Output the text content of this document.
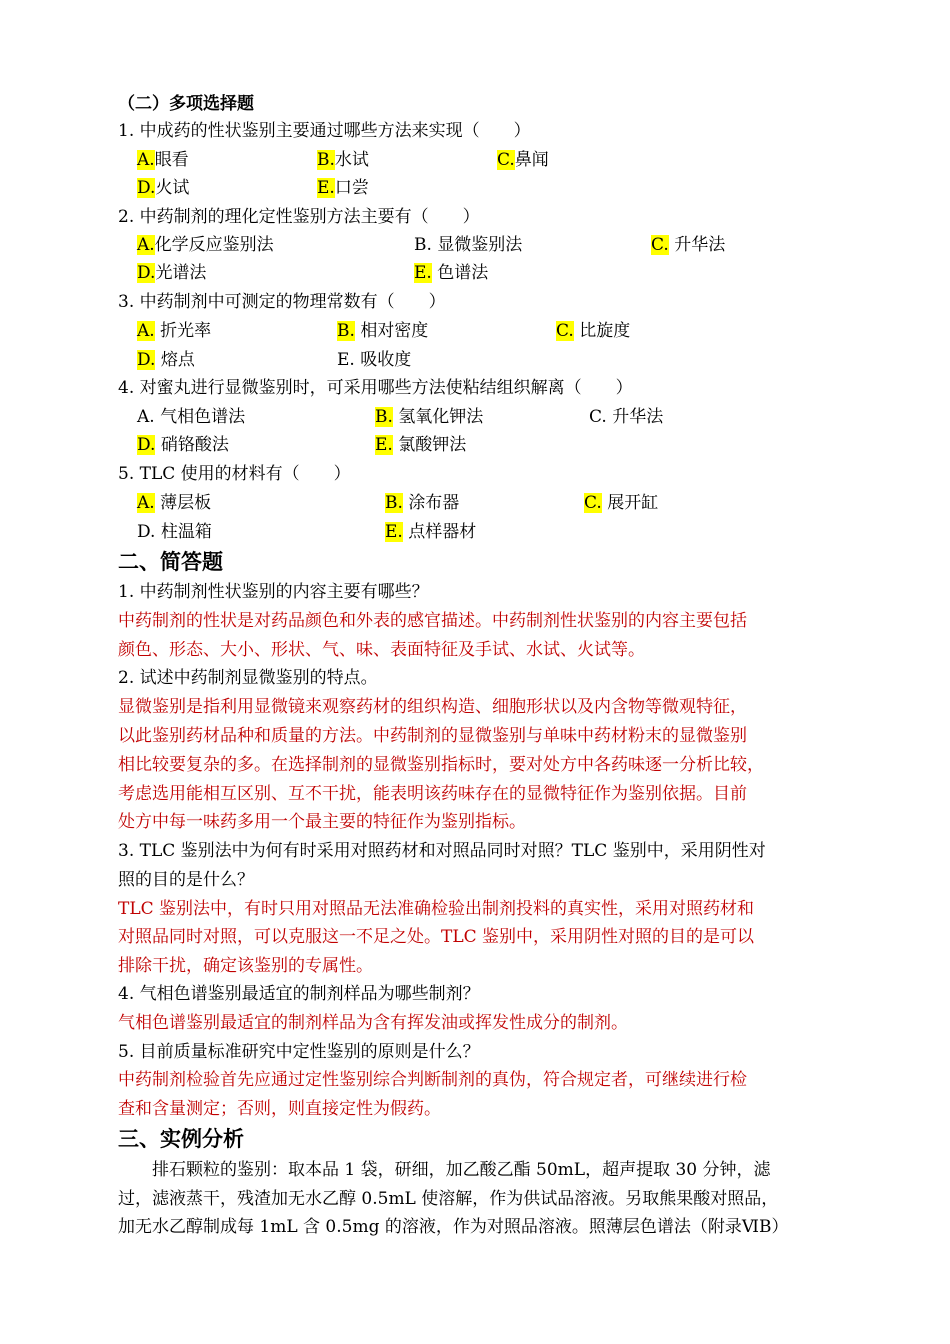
（二）多项选择题
1. 中成药的性状鉴别主要通过哪些方法来实现（　　）
A.眼看	B.水试	C.鼻闻
D.火试	E.口尝
2. 中药制剂的理化定性鉴别方法主要有（　　）
A.化学反应鉴别法	B. 显微鉴别法	C. 升华法
D.光谱法	E. 色谱法
3. 中药制剂中可测定的物理常数有（　　）
A. 折光率	B. 相对密度	C. 比旋度
D. 熔点	E. 吸收度
4. 对蜜丸进行显微鉴别时，可采用哪些方法使粘结组织解离（　　）
A. 气相色谱法	B. 氢氧化钾法	C. 升华法
D. 硝铬酸法	E. 氯酸钾法
5. TLC 使用的材料有（　　）
A. 薄层板	B. 涂布器	C. 展开缸
D. 柱温箱	E. 点样器材
二、简答题
1. 中药制剂性状鉴别的内容主要有哪些？
中药制剂的性状是对药品颜色和外表的感官描述。中药制剂性状鉴别的内容主要包括
颜色、形态、大小、形状、气、味、表面特征及手试、水试、火试等。
2. 试述中药制剂显微鉴别的特点。
显微鉴别是指利用显微镜来观察药材的组织构造、细胞形状以及内含物等微观特征，
以此鉴别药材品种和质量的方法。中药制剂的显微鉴别与单味中药材粉末的显微鉴别
相比较要复杂的多。在选择制剂的显微鉴别指标时，要对处方中各药味逐一分析比较，
考虑选用能相互区别、互不干扰，能表明该药味存在的显微特征作为鉴别依据。目前
处方中每一味药多用一个最主要的特征作为鉴别指标。
3. TLC 鉴别法中为何有时采用对照药材和对照品同时对照？TLC 鉴别中，采用阴性对
照的目的是什么？
TLC 鉴别法中，有时只用对照品无法准确检验出制剂投料的真实性，采用对照药材和
对照品同时对照，可以克服这一不足之处。TLC 鉴别中，采用阴性对照的目的是可以
排除干扰，确定该鉴别的专属性。
4. 气相色谱鉴别最适宜的制剂样品为哪些制剂？
气相色谱鉴别最适宜的制剂样品为含有挥发油或挥发性成分的制剂。
5. 目前质量标准研究中定性鉴别的原则是什么？
中药制剂检验首先应通过定性鉴别综合判断制剂的真伪，符合规定者，可继续进行检
查和含量测定；否则，则直接定性为假药。
三、实例分析
　　排石颗粒的鉴别：取本品 1 袋，研细，加乙酸乙酯 50mL，超声提取 30 分钟，滤
过，滤液蒸干，残渣加无水乙醇 0.5mL 使溶解，作为供试品溶液。另取熊果酸对照品，
加无水乙醇制成每 1mL 含 0.5mg 的溶液，作为对照品溶液。照薄层色谱法（附录ⅥB）
